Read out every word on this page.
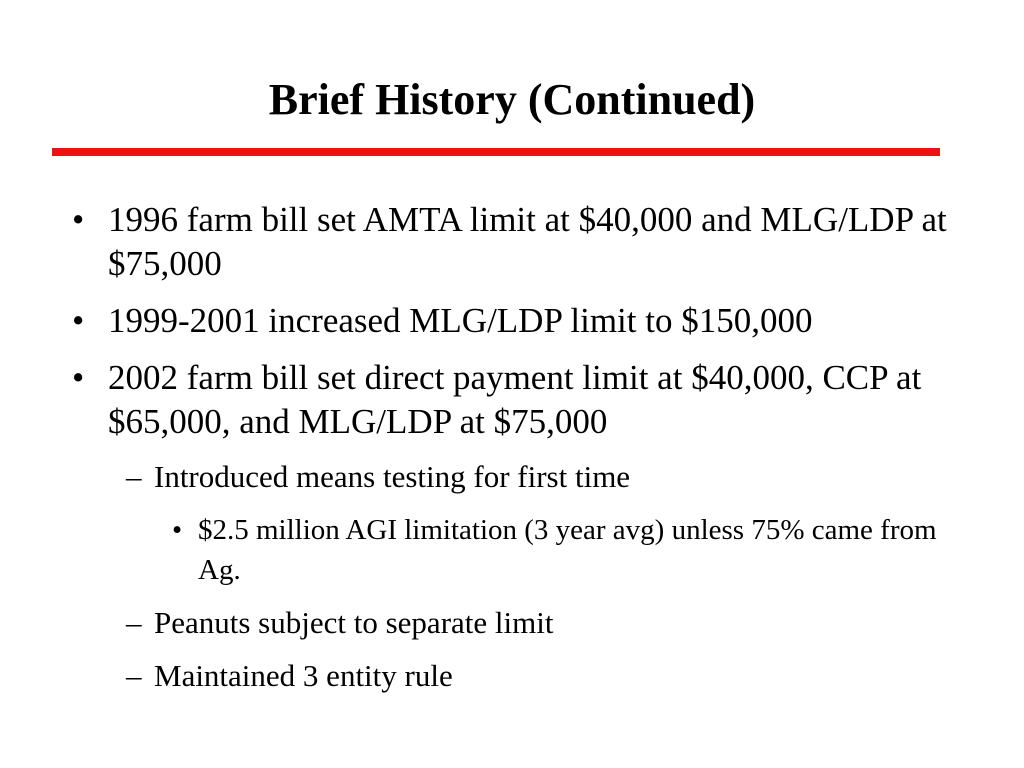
Brief History (Continued)
• 1996 farm bill set AMTA limit at $40,000 and MLG/LDP at $75,000
• 1999-2001 increased MLG/LDP limit to $150,000
• 2002 farm bill set direct payment limit at $40,000, CCP at $65,000, and MLG/LDP at $75,000
– Introduced means testing for first time
• $2.5 million AGI limitation (3 year avg) unless 75% came from Ag.
– Peanuts subject to separate limit
– Maintained 3 entity rule
